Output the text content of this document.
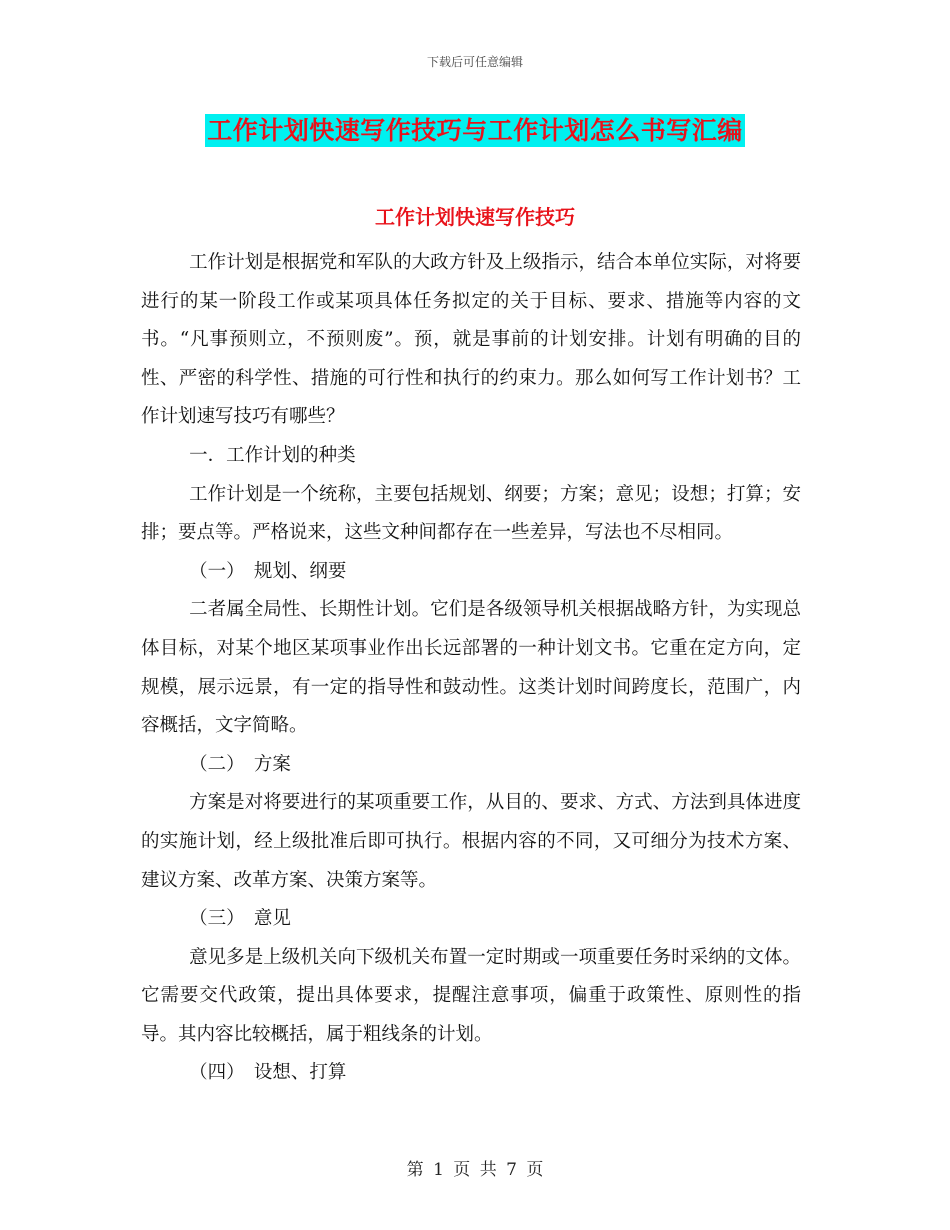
下载后可任意编辑
工作计划快速写作技巧与工作计划怎么书写汇编
工作计划快速写作技巧

工作计划是根据党和军队的大政方针及上级指示，结合本单位实际，对将要进行的某一阶段工作或某项具体任务拟定的关于目标、要求、措施等内容的文书。“凡事预则立，不预则废”。预，就是事前的计划安排。计划有明确的目的性、严密的科学性、措施的可行性和执行的约束力。那么如何写工作计划书？工作计划速写技巧有哪些？

一．工作计划的种类

工作计划是一个统称，主要包括规划、纲要；方案；意见；设想；打算；安排；要点等。严格说来，这些文种间都存在一些差异，写法也不尽相同。

（一）　规划、纲要

二者属全局性、长期性计划。它们是各级领导机关根据战略方针，为实现总体目标，对某个地区某项事业作出长远部署的一种计划文书。它重在定方向，定规模，展示远景，有一定的指导性和鼓动性。这类计划时间跨度长，范围广，内容概括，文字简略。

（二）　方案

方案是对将要进行的某项重要工作，从目的、要求、方式、方法到具体进度的实施计划，经上级批准后即可执行。根据内容的不同，又可细分为技术方案、建议方案、改革方案、决策方案等。

（三）　意见

意见多是上级机关向下级机关布置一定时期或一项重要任务时采纳的文体。它需要交代政策，提出具体要求，提醒注意事项，偏重于政策性、原则性的指导。其内容比较概括，属于粗线条的计划。

（四）　设想、打算

第 1 页 共 7 页
